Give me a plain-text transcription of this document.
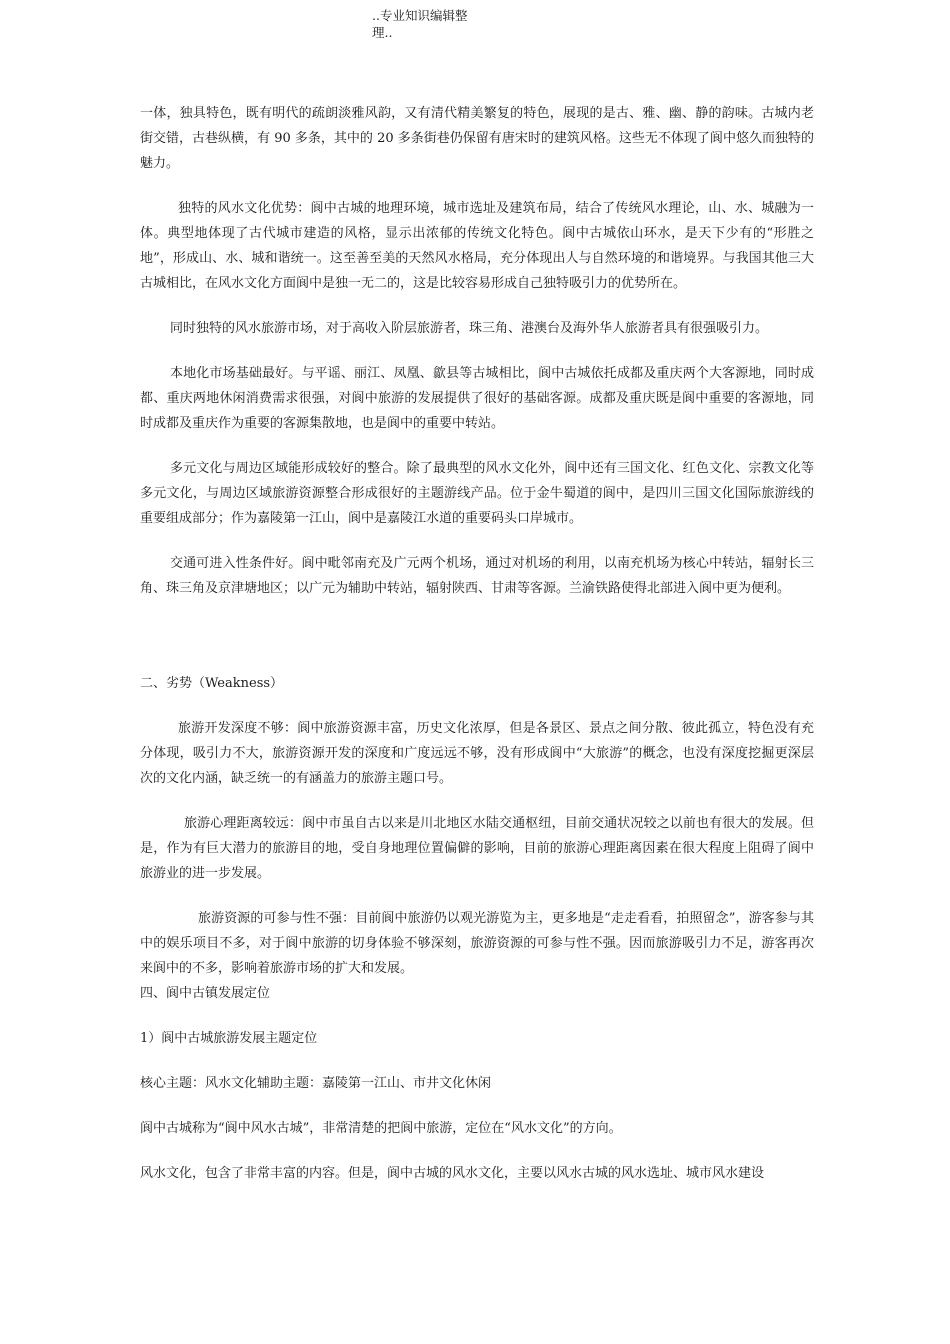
..专业知识编辑整
理..

一体，独具特色，既有明代的疏朗淡雅风韵，又有清代精美繁复的特色，展现的是古、雅、幽、静的韵味。古城内老街交错，古巷纵横，有 90 多条，其中的 20 多条街巷仍保留有唐宋时的建筑风格。这些无不体现了阆中悠久而独特的魅力。

独特的风水文化优势：阆中古城的地理环境，城市选址及建筑布局，结合了传统风水理论，山、水、城融为一体。典型地体现了古代城市建造的风格，显示出浓郁的传统文化特色。阆中古城依山环水，是天下少有的“形胜之地”，形成山、水、城和谐统一。这至善至美的天然风水格局，充分体现出人与自然环境的和谐境界。与我国其他三大古城相比，在风水文化方面阆中是独一无二的，这是比较容易形成自己独特吸引力的优势所在。

同时独特的风水旅游市场，对于高收入阶层旅游者，珠三角、港澳台及海外华人旅游者具有很强吸引力。

本地化市场基础最好。与平谣、丽江、凤凰、歙县等古城相比，阆中古城依托成都及重庆两个大客源地，同时成都、重庆两地休闲消费需求很强，对阆中旅游的发展提供了很好的基础客源。成都及重庆既是阆中重要的客源地，同时成都及重庆作为重要的客源集散地，也是阆中的重要中转站。

多元文化与周边区域能形成较好的整合。除了最典型的风水文化外，阆中还有三国文化、红色文化、宗教文化等多元文化，与周边区域旅游资源整合形成很好的主题游线产品。位于金牛蜀道的阆中，是四川三国文化国际旅游线的重要组成部分；作为嘉陵第一江山，阆中是嘉陵江水道的重要码头口岸城市。

交通可进入性条件好。阆中毗邻南充及广元两个机场，通过对机场的利用，以南充机场为核心中转站，辐射长三角、珠三角及京津塘地区；以广元为辅助中转站，辐射陕西、甘肃等客源。兰渝铁路使得北部进入阆中更为便利。

二、劣势（Weakness）

旅游开发深度不够：阆中旅游资源丰富，历史文化浓厚，但是各景区、景点之间分散、彼此孤立，特色没有充分体现，吸引力不大，旅游资源开发的深度和广度远远不够，没有形成阆中“大旅游”的概念，也没有深度挖掘更深层次的文化内涵，缺乏统一的有涵盖力的旅游主题口号。

旅游心理距离较远：阆中市虽自古以来是川北地区水陆交通枢纽，目前交通状况较之以前也有很大的发展。但是，作为有巨大潜力的旅游目的地，受自身地理位置偏僻的影响，目前的旅游心理距离因素在很大程度上阻碍了阆中旅游业的进一步发展。

旅游资源的可参与性不强：目前阆中旅游仍以观光游览为主，更多地是“走走看看，拍照留念”，游客参与其中的娱乐项目不多，对于阆中旅游的切身体验不够深刻，旅游资源的可参与性不强。因而旅游吸引力不足，游客再次来阆中的不多，影响着旅游市场的扩大和发展。

四、阆中古镇发展定位

1）阆中古城旅游发展主题定位

核心主题：风水文化辅助主题：嘉陵第一江山、市井文化休闲

阆中古城称为“阆中风水古城”，非常清楚的把阆中旅游，定位在“风水文化”的方向。

风水文化，包含了非常丰富的内容。但是，阆中古城的风水文化，主要以风水古城的风水选址、城市风水建设
